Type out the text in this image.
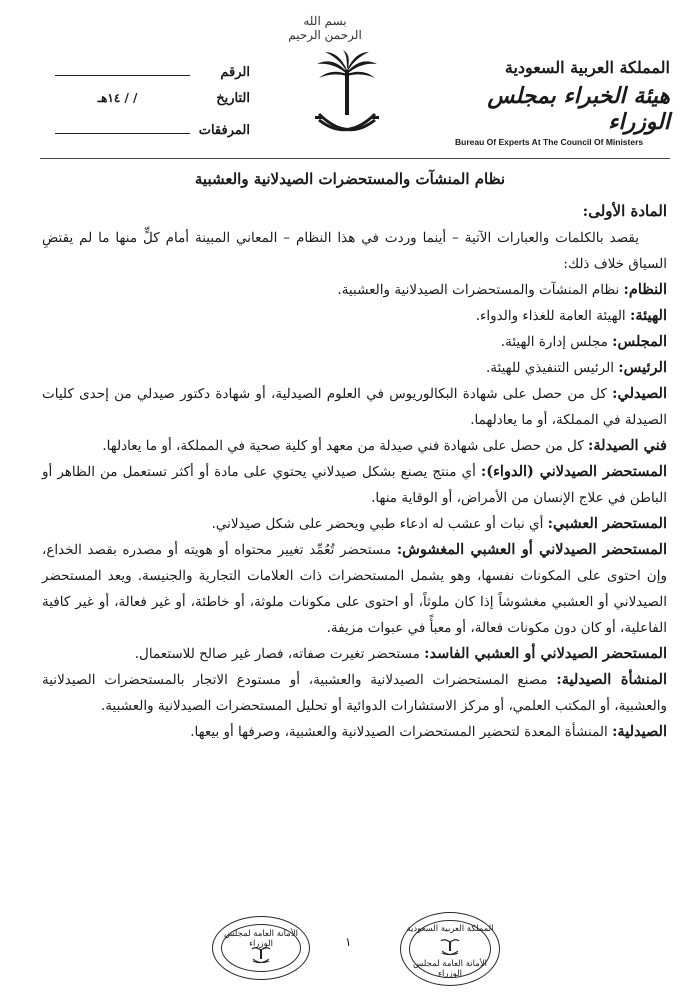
بسم الله الرحمن الرحيم
الرقم
التاريخ
/ / ١٤هـ
المرفقات
المملكة العربية السعودية
هيئة الخبراء بمجلس الوزراء
Bureau Of Experts At The Council Of Ministers
نظام المنشآت والمستحضرات الصيدلانية والعشبية

المادة الأولى:

يقصد بالكلمات والعبارات الآتية – أينما وردت في هذا النظام – المعاني المبينة أمام كلٍّ منها ما لم يقتضِ السياق خلاف ذلك:

النظام: نظام المنشآت والمستحضرات الصيدلانية والعشبية.

الهيئة: الهيئة العامة للغذاء والدواء.

المجلس: مجلس إدارة الهيئة.

الرئيس: الرئيس التنفيذي للهيئة.

الصيدلي: كل من حصل على شهادة البكالوريوس في العلوم الصيدلية، أو شهادة دكتور صيدلي من إحدى كليات الصيدلة في المملكة، أو ما يعادلهما.

فني الصيدلة: كل من حصل على شهادة فني صيدلة من معهد أو كلية صحية في المملكة، أو ما يعادلها.

المستحضر الصيدلاني (الدواء): أي منتج يصنع بشكل صيدلاني يحتوي على مادة أو أكثر تستعمل من الظاهر أو الباطن في علاج الإنسان من الأمراض، أو الوقاية منها.

المستحضر العشبي: أي نبات أو عشب له ادعاء طبي ويحضر على شكل صيدلاني.

المستحضر الصيدلاني أو العشبي المغشوش: مستحضر تُعُمِّد تغيير محتواه أو هويته أو مصدره بقصد الخداع، وإن احتوى على المكونات نفسها، وهو يشمل المستحضرات ذات العلامات التجارية والجنيسة. ويعد المستحضر الصيدلاني أو العشبي مغشوشاً إذا كان ملوثاً، أو احتوى على مكونات ملوثة، أو خاطئة، أو غير فعالة، أو غير كافية الفاعلية، أو كان دون مكونات فعالة، أو معبأً في عبوات مزيفة.

المستحضر الصيدلاني أو العشبي الفاسد: مستحضر تغيرت صفاته، فصار غير صالح للاستعمال.

المنشأة الصيدلية: مصنع المستحضرات الصيدلانية والعشبية، أو مستودع الاتجار بالمستحضرات الصيدلانية والعشبية، أو المكتب العلمي، أو مركز الاستشارات الدوائية أو تحليل المستحضرات الصيدلانية والعشبية.

الصيدلية: المنشأة المعدة لتحضير المستحضرات الصيدلانية والعشبية، وصرفها أو بيعها.

الأمانة العامة لمجلس الوزراء	١
المملكة العربية السعودية
الأمانة العامة لمجلس الوزراء
